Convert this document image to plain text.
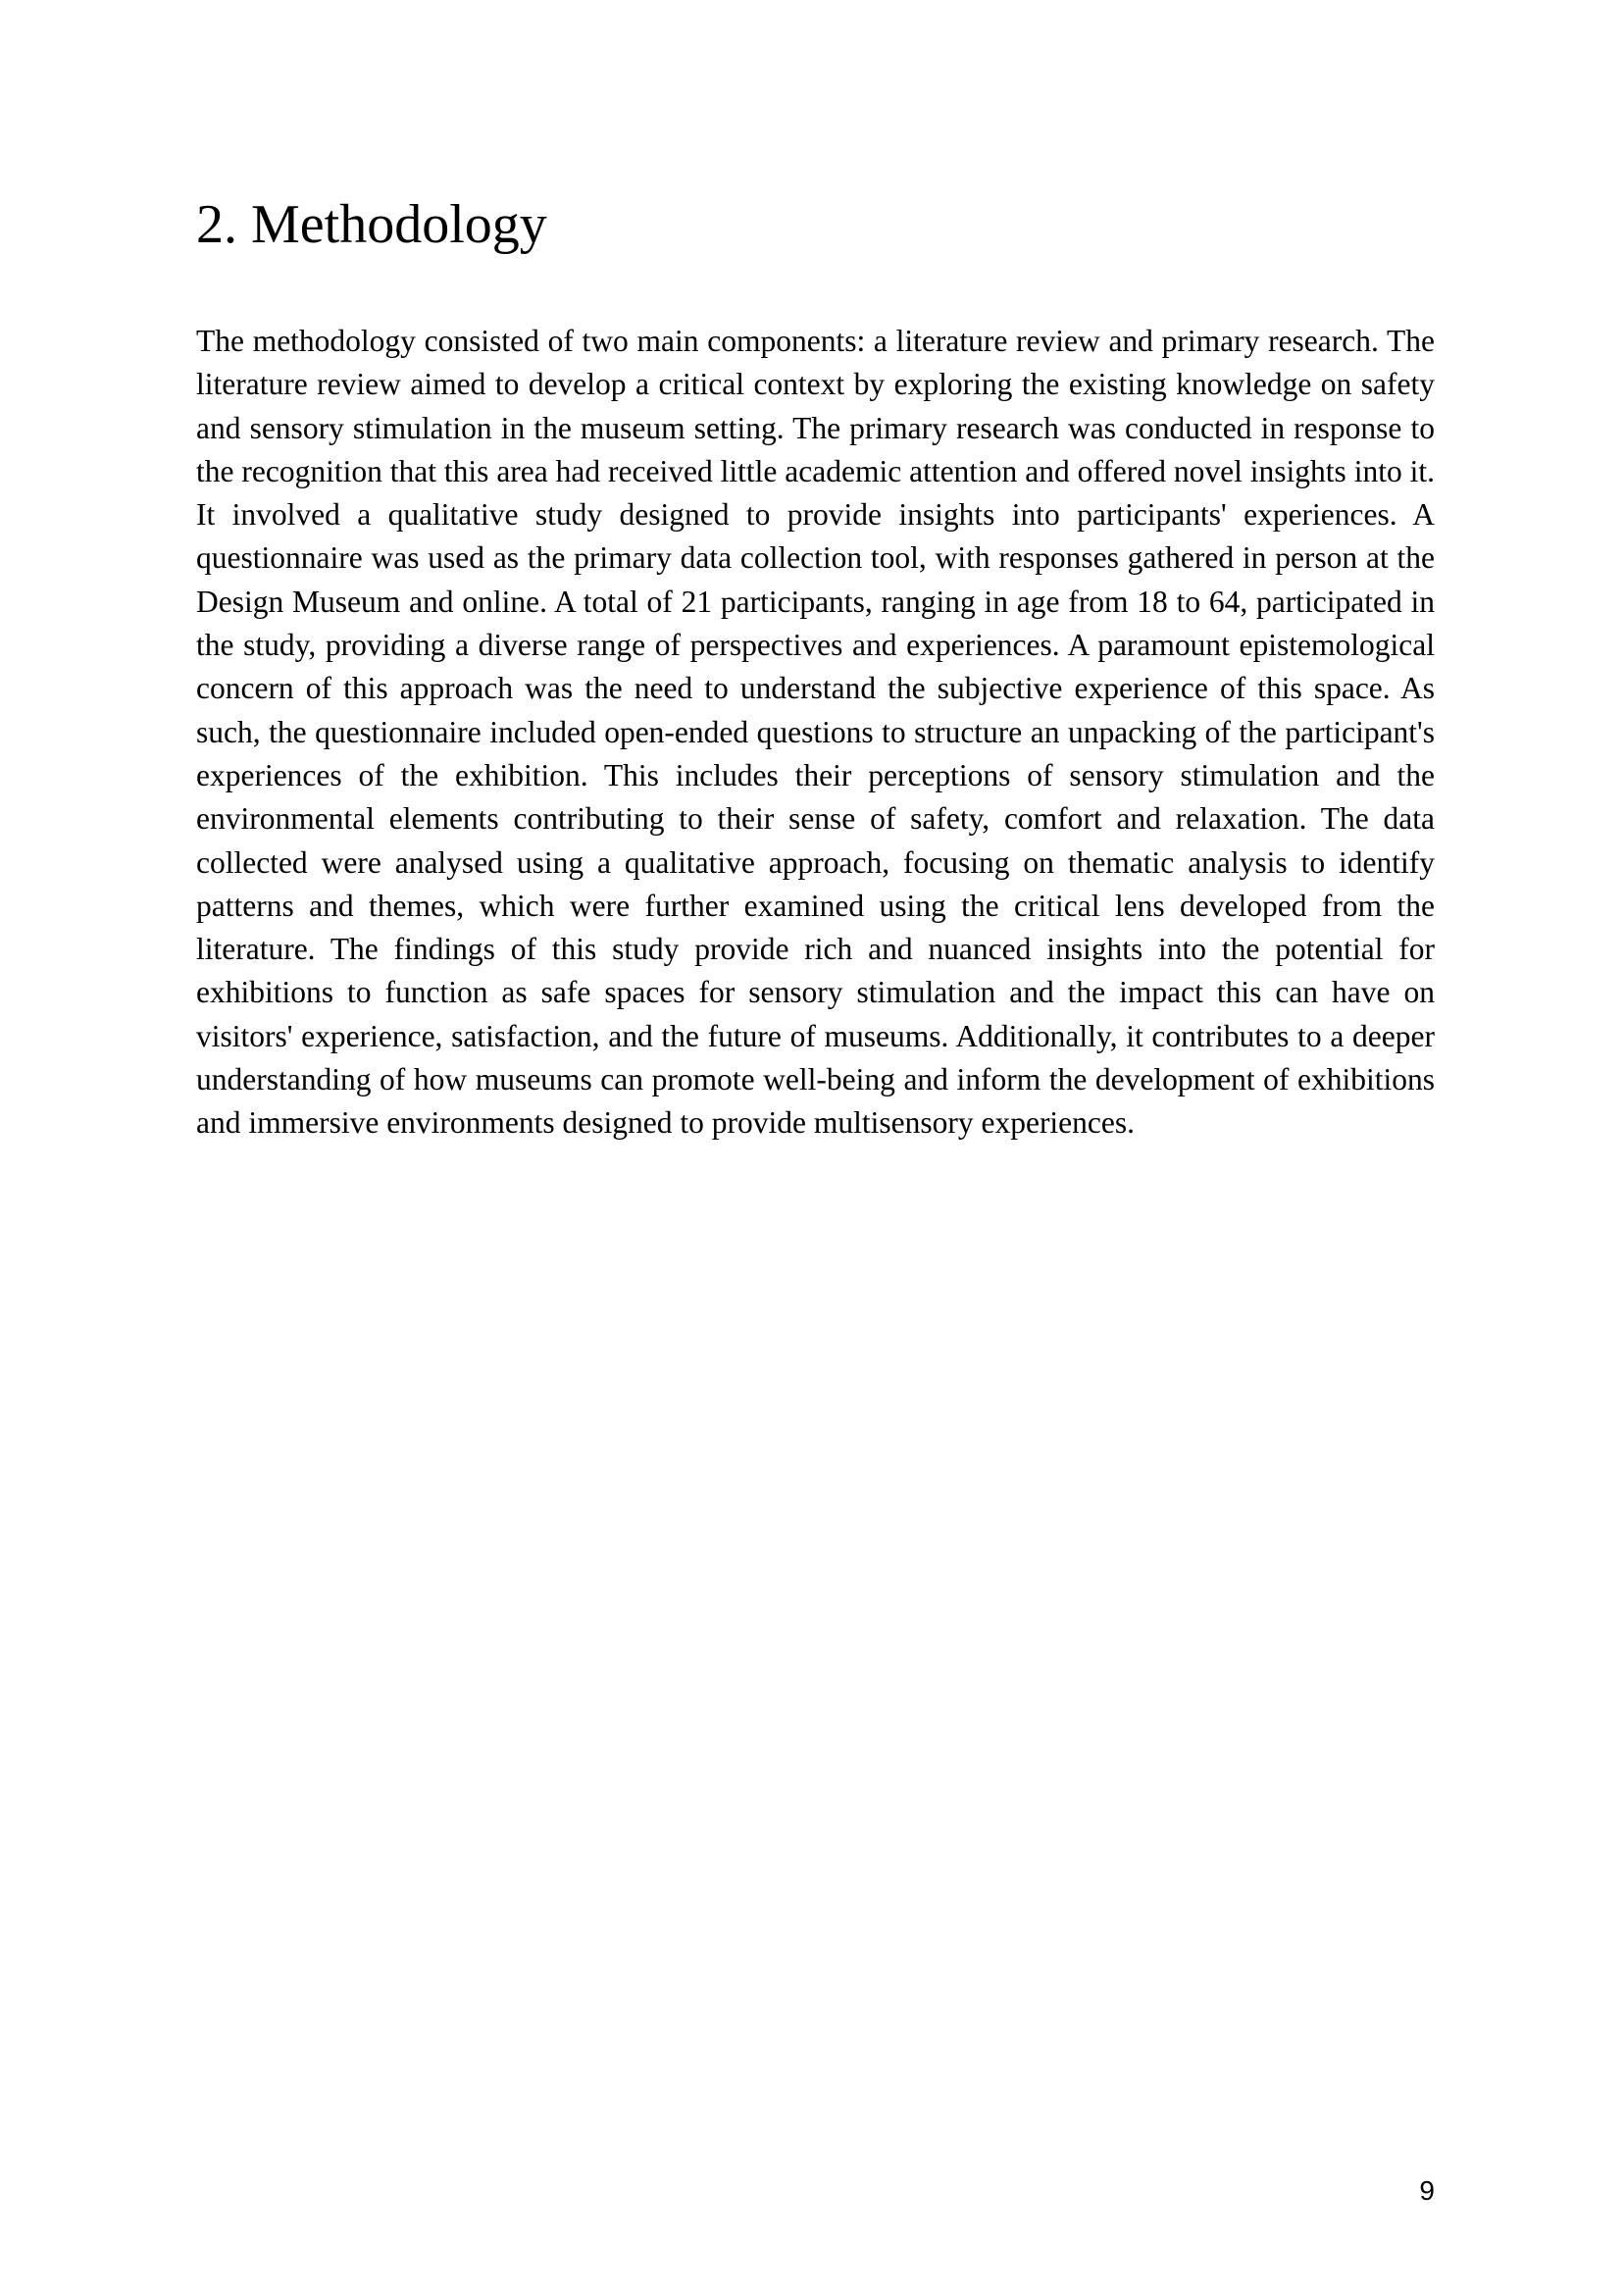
2. Methodology

The methodology consisted of two main components: a literature review and primary research. The literature review aimed to develop a critical context by exploring the existing knowledge on safety and sensory stimulation in the museum setting. The primary research was conducted in response to the recognition that this area had received little academic attention and offered novel insights into it. It involved a qualitative study designed to provide insights into participants' experiences. A questionnaire was used as the primary data collection tool, with responses gathered in person at the Design Museum and online. A total of 21 participants, ranging in age from 18 to 64, participated in the study, providing a diverse range of perspectives and experiences. A paramount epistemological concern of this approach was the need to understand the subjective experience of this space. As such, the questionnaire included open-ended questions to structure an unpacking of the participant's experiences of the exhibition. This includes their perceptions of sensory stimulation and the environmental elements contributing to their sense of safety, comfort and relaxation. The data collected were analysed using a qualitative approach, focusing on thematic analysis to identify patterns and themes, which were further examined using the critical lens developed from the literature. The findings of this study provide rich and nuanced insights into the potential for exhibitions to function as safe spaces for sensory stimulation and the impact this can have on visitors' experience, satisfaction, and the future of museums. Additionally, it contributes to a deeper understanding of how museums can promote well-being and inform the development of exhibitions and immersive environments designed to provide multisensory experiences.

9
